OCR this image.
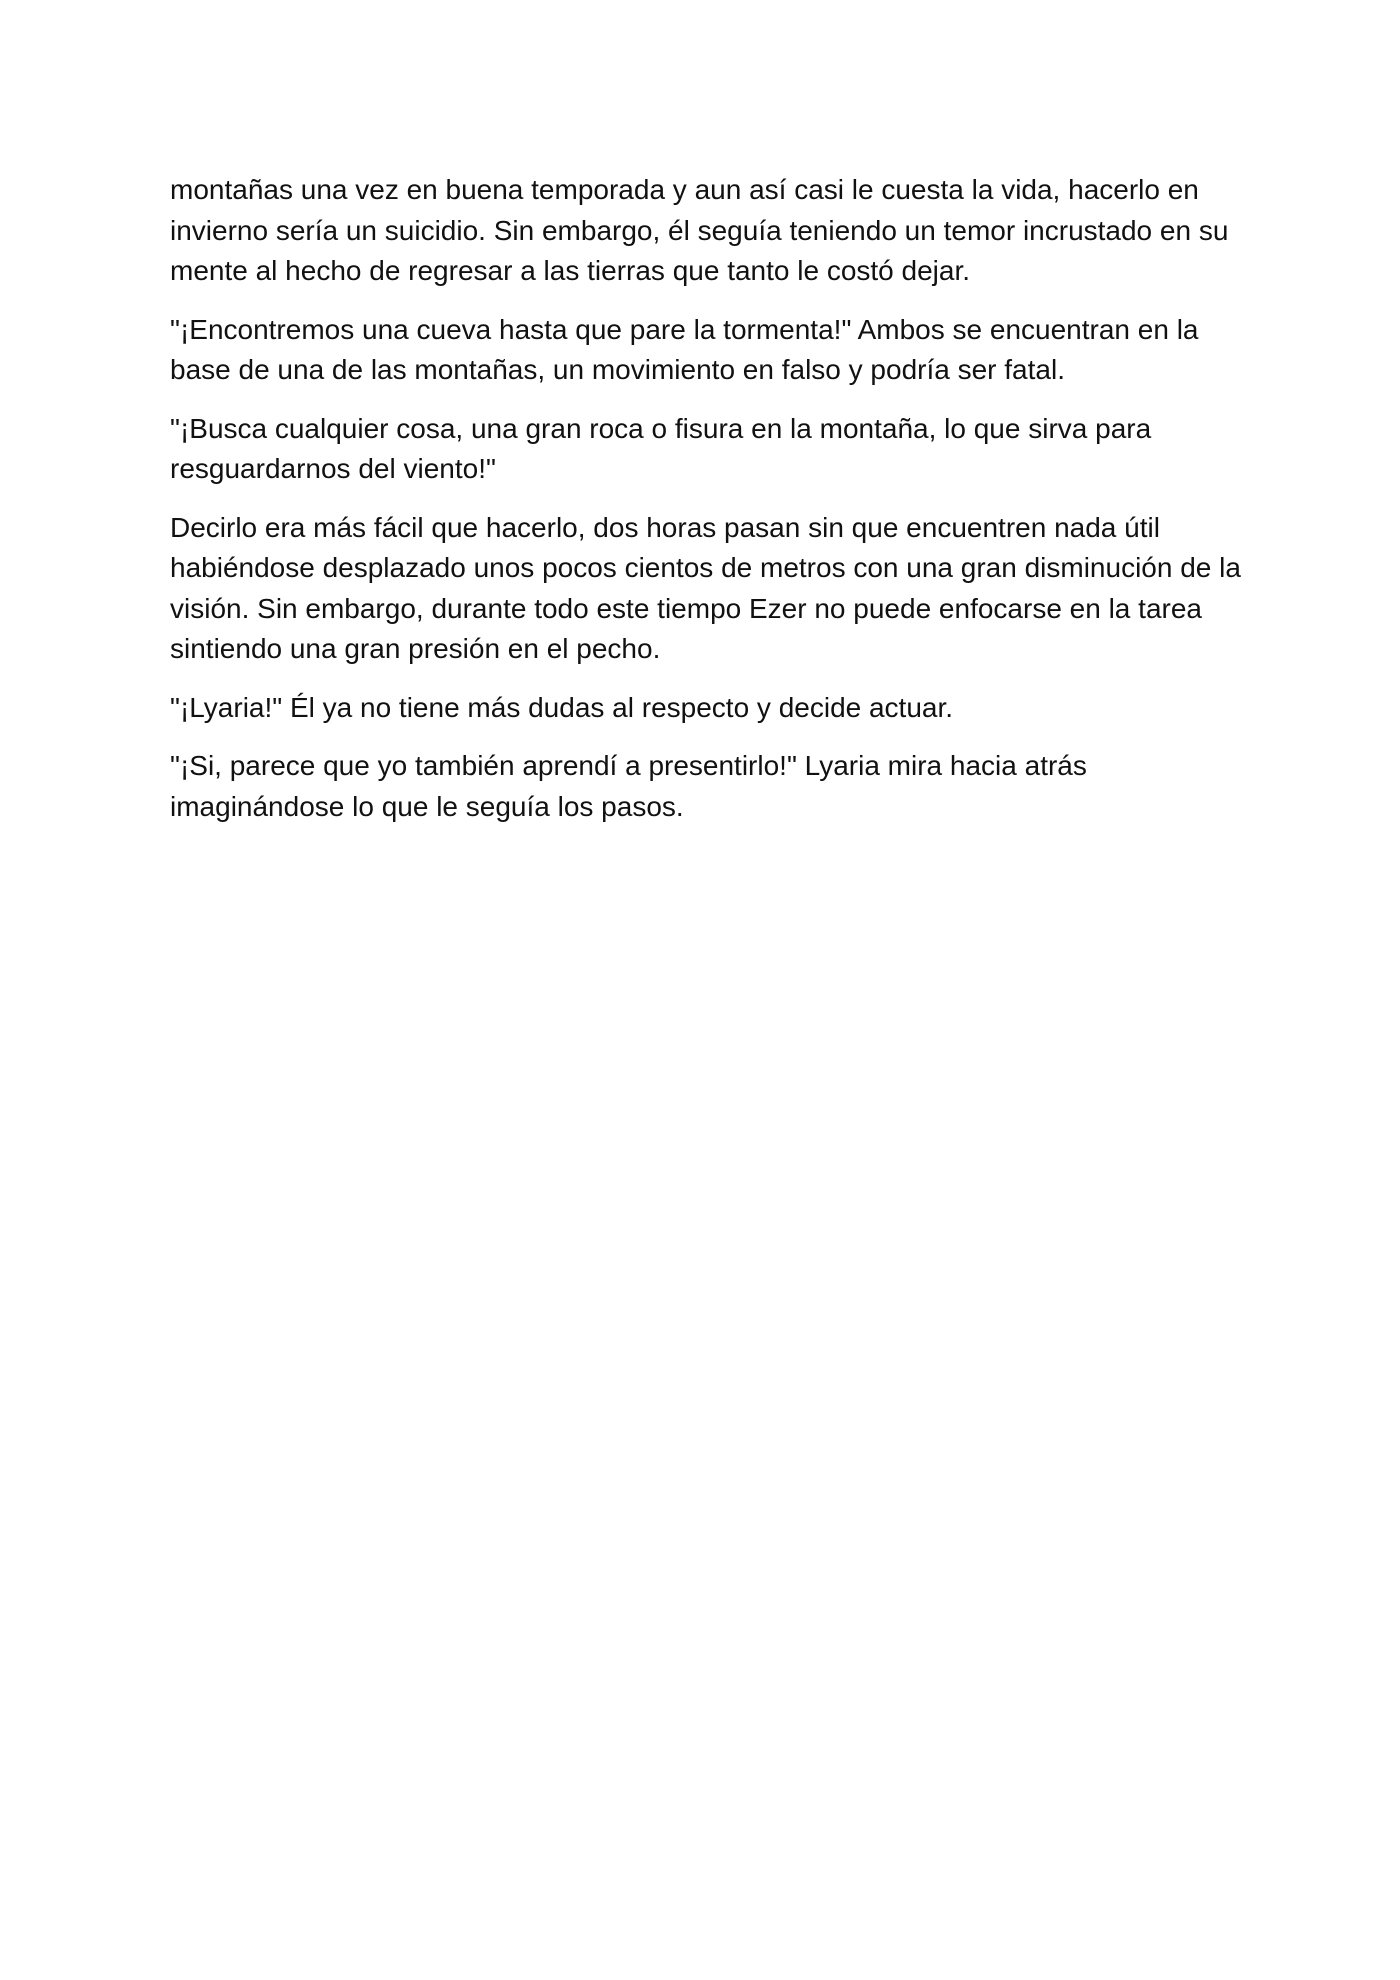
montañas una vez en buena temporada y aun así casi le cuesta la vida, hacerlo en
invierno sería un suicidio. Sin embargo, él seguía teniendo un temor incrustado en su
mente al hecho de regresar a las tierras que tanto le costó dejar.

"¡Encontremos una cueva hasta que pare la tormenta!" Ambos se encuentran en la
base de una de las montañas, un movimiento en falso y podría ser fatal.

"¡Busca cualquier cosa, una gran roca o fisura en la montaña, lo que sirva para
resguardarnos del viento!"

Decirlo era más fácil que hacerlo, dos horas pasan sin que encuentren nada útil
habiéndose desplazado unos pocos cientos de metros con una gran disminución de la
visión. Sin embargo, durante todo este tiempo Ezer no puede enfocarse en la tarea
sintiendo una gran presión en el pecho.

"¡Lyaria!" Él ya no tiene más dudas al respecto y decide actuar.

"¡Si, parece que yo también aprendí a presentirlo!" Lyaria mira hacia atrás
imaginándose lo que le seguía los pasos.
